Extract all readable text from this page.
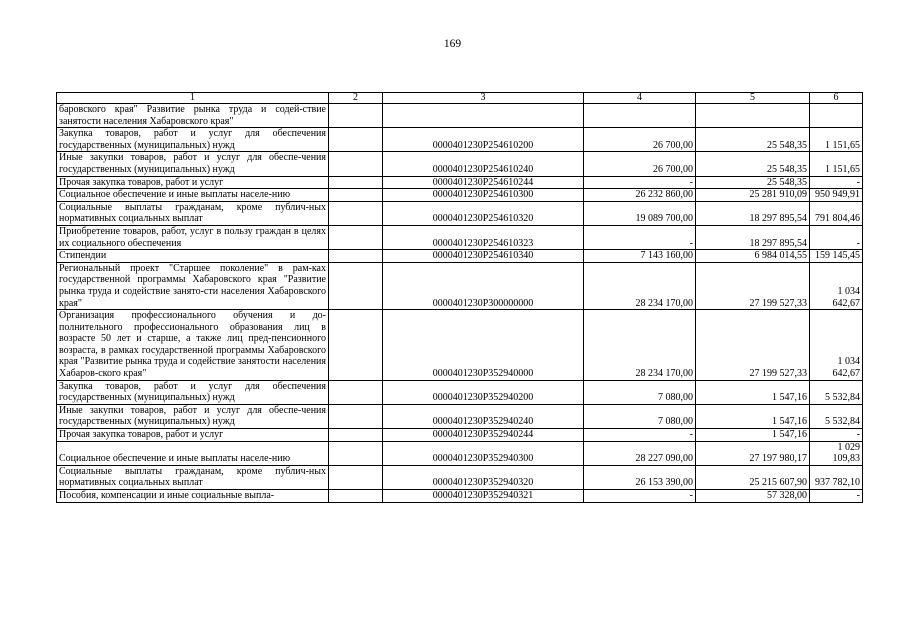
169
1	2	3	4	5	6
баровского края" Развитие рынка труда и содей-ствие занятости населения Хабаровского края"					
Закупка товаров, работ и услуг для обеспечения государственных (муниципальных) нужд		0000401230P254610200	26 700,00	25 548,35	1 151,65
Иные закупки товаров, работ и услуг для обеспе-чения государственных (муниципальных) нужд		0000401230P254610240	26 700,00	25 548,35	1 151,65
Прочая закупка товаров, работ и услуг		0000401230P254610244	-	25 548,35	-
Социальное обеспечение и иные выплаты населе-нию		0000401230P254610300	26 232 860,00	25 281 910,09	950 949,91
Социальные выплаты гражданам, кроме публич-ных нормативных социальных выплат		0000401230P254610320	19 089 700,00	18 297 895,54	791 804,46
Приобретение товаров, работ, услуг в пользу граждан в целях их социального обеспечения		0000401230P254610323	-	18 297 895,54	-
Стипендии		0000401230P254610340	7 143 160,00	6 984 014,55	159 145,45
Региональный проект "Старшее поколение" в рам-ках государственной программы Хабаровского края "Развитие рынка труда и содействие занято-сти населения Хабаровского края"		0000401230P300000000	28 234 170,00	27 199 527,33	1 034 642,67
Организация профессионального обучения и до-полнительного профессионального образования лиц в возрасте 50 лет и старше, а также лиц пред-пенсионного возраста, в рамках государственной программы Хабаровского края "Развитие рынка труда и содействие занятости населения Хабаров-ского края"		0000401230P352940000	28 234 170,00	27 199 527,33	1 034 642,67
Закупка товаров, работ и услуг для обеспечения государственных (муниципальных) нужд		0000401230P352940200	7 080,00	1 547,16	5 532,84
Иные закупки товаров, работ и услуг для обеспе-чения государственных (муниципальных) нужд		0000401230P352940240	7 080,00	1 547,16	5 532,84
Прочая закупка товаров, работ и услуг		0000401230P352940244	-	1 547,16	-
Социальное обеспечение и иные выплаты населе-нию		0000401230P352940300	28 227 090,00	27 197 980,17	1 029 109,83
Социальные выплаты гражданам, кроме публич-ных нормативных социальных выплат		0000401230P352940320	26 153 390,00	25 215 607,90	937 782,10
Пособия, компенсации и иные социальные выпла-		0000401230P352940321	-	57 328,00	-
